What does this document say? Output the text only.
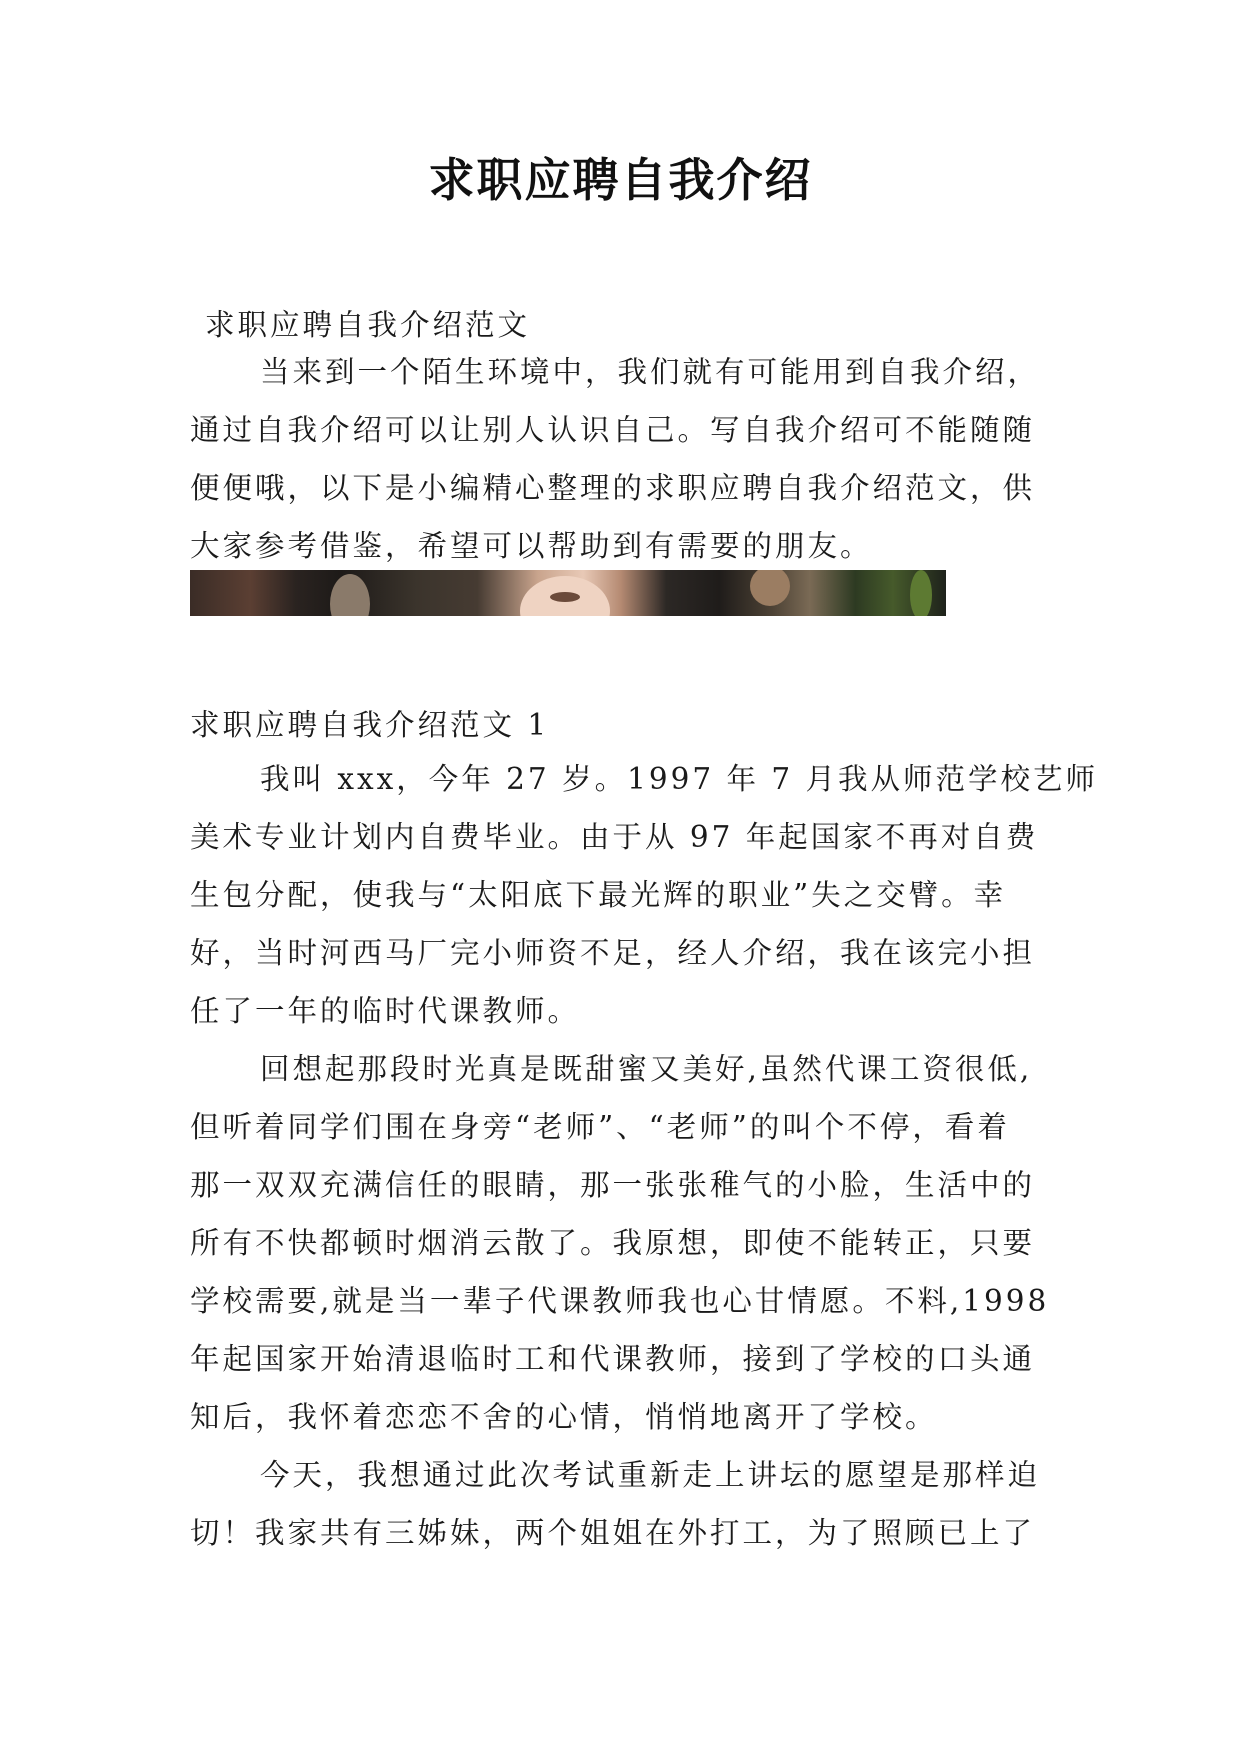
求职应聘自我介绍
求职应聘自我介绍范文
当来到一个陌生环境中，我们就有可能用到自我介绍，
通过自我介绍可以让别人认识自己。写自我介绍可不能随随
便便哦，以下是小编精心整理的求职应聘自我介绍范文，供
大家参考借鉴，希望可以帮助到有需要的朋友。
求职应聘自我介绍范文 1
我叫 xxx，今年 27 岁。1997 年 7 月我从师范学校艺师
美术专业计划内自费毕业。由于从 97 年起国家不再对自费
生包分配，使我与“太阳底下最光辉的职业”失之交臂。幸
好，当时河西马厂完小师资不足，经人介绍，我在该完小担
任了一年的临时代课教师。
回想起那段时光真是既甜蜜又美好,虽然代课工资很低,
但听着同学们围在身旁“老师”、“老师”的叫个不停，看着
那一双双充满信任的眼睛，那一张张稚气的小脸，生活中的
所有不快都顿时烟消云散了。我原想，即使不能转正，只要
学校需要,就是当一辈子代课教师我也心甘情愿。不料,1998
年起国家开始清退临时工和代课教师，接到了学校的口头通
知后，我怀着恋恋不舍的心情，悄悄地离开了学校。
今天，我想通过此次考试重新走上讲坛的愿望是那样迫
切！我家共有三姊妹，两个姐姐在外打工，为了照顾已上了
